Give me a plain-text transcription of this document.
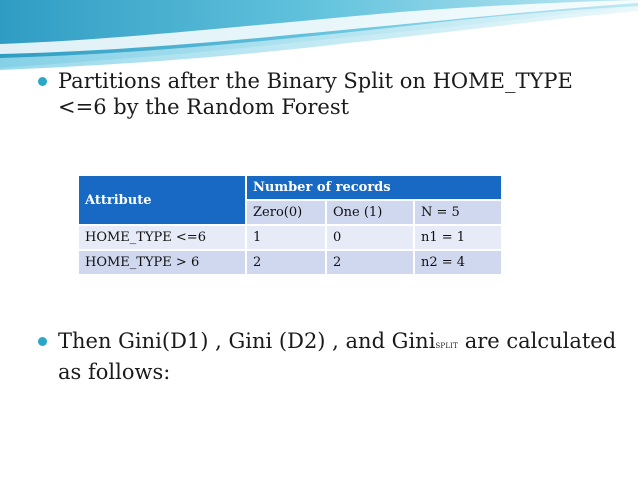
Partitions after the Binary Split on HOME_TYPE <=6 by the Random Forest
Attribute	Number of records		
	Zero(0)	One (1)	N = 5
HOME_TYPE <=6	1	0	n1 = 1
HOME_TYPE > 6	2	2	n2 = 4
Then Gini(D1) , Gini (D2) , and GiniSPLIT are calculated as follows:
